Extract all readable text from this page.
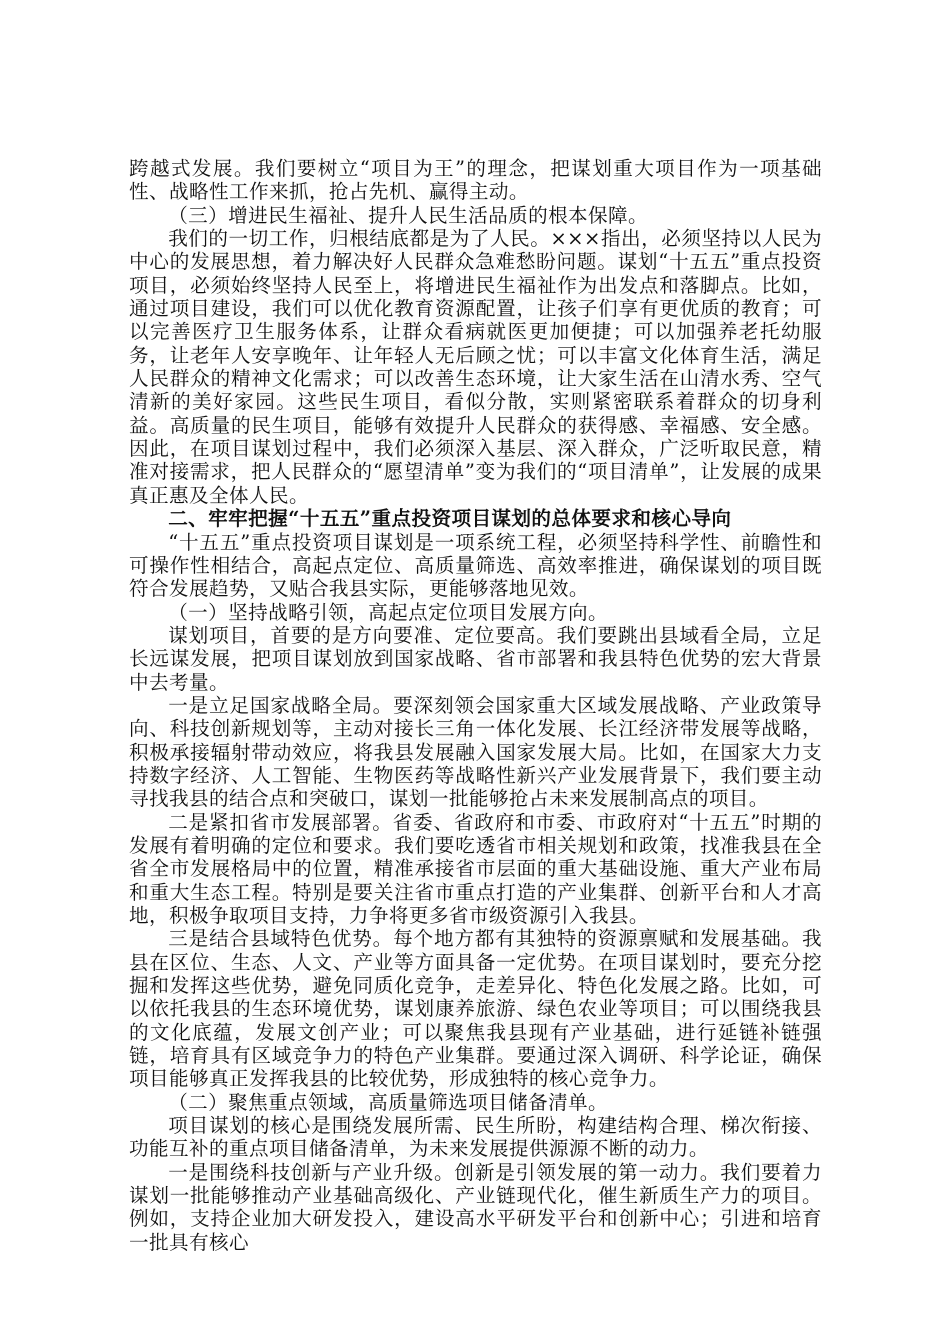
跨越式发展。我们要树立“项目为王”的理念，把谋划重大项目作为一项基础性、战略性工作来抓，抢占先机、赢得主动。

（三）增进民生福祉、提升人民生活品质的根本保障。

我们的一切工作，归根结底都是为了人民。×××指出，必须坚持以人民为中心的发展思想，着力解决好人民群众急难愁盼问题。谋划“十五五”重点投资项目，必须始终坚持人民至上，将增进民生福祉作为出发点和落脚点。比如，通过项目建设，我们可以优化教育资源配置，让孩子们享有更优质的教育；可以完善医疗卫生服务体系，让群众看病就医更加便捷；可以加强养老托幼服务，让老年人安享晚年、让年轻人无后顾之忧；可以丰富文化体育生活，满足人民群众的精神文化需求；可以改善生态环境，让大家生活在山清水秀、空气清新的美好家园。这些民生项目，看似分散，实则紧密联系着群众的切身利益。高质量的民生项目，能够有效提升人民群众的获得感、幸福感、安全感。因此，在项目谋划过程中，我们必须深入基层、深入群众，广泛听取民意，精准对接需求，把人民群众的“愿望清单”变为我们的“项目清单”，让发展的成果真正惠及全体人民。

二、牢牢把握“十五五”重点投资项目谋划的总体要求和核心导向

“十五五”重点投资项目谋划是一项系统工程，必须坚持科学性、前瞻性和可操作性相结合，高起点定位、高质量筛选、高效率推进，确保谋划的项目既符合发展趋势，又贴合我县实际，更能够落地见效。

（一）坚持战略引领，高起点定位项目发展方向。

谋划项目，首要的是方向要准、定位要高。我们要跳出县域看全局，立足长远谋发展，把项目谋划放到国家战略、省市部署和我县特色优势的宏大背景中去考量。

一是立足国家战略全局。要深刻领会国家重大区域发展战略、产业政策导向、科技创新规划等，主动对接长三角一体化发展、长江经济带发展等战略，积极承接辐射带动效应，将我县发展融入国家发展大局。比如，在国家大力支持数字经济、人工智能、生物医药等战略性新兴产业发展背景下，我们要主动寻找我县的结合点和突破口，谋划一批能够抢占未来发展制高点的项目。

二是紧扣省市发展部署。省委、省政府和市委、市政府对“十五五”时期的发展有着明确的定位和要求。我们要吃透省市相关规划和政策，找准我县在全省全市发展格局中的位置，精准承接省市层面的重大基础设施、重大产业布局和重大生态工程。特别是要关注省市重点打造的产业集群、创新平台和人才高地，积极争取项目支持，力争将更多省市级资源引入我县。

三是结合县域特色优势。每个地方都有其独特的资源禀赋和发展基础。我县在区位、生态、人文、产业等方面具备一定优势。在项目谋划时，要充分挖掘和发挥这些优势，避免同质化竞争，走差异化、特色化发展之路。比如，可以依托我县的生态环境优势，谋划康养旅游、绿色农业等项目；可以围绕我县的文化底蕴，发展文创产业；可以聚焦我县现有产业基础，进行延链补链强链，培育具有区域竞争力的特色产业集群。要通过深入调研、科学论证，确保项目能够真正发挥我县的比较优势，形成独特的核心竞争力。

（二）聚焦重点领域，高质量筛选项目储备清单。

项目谋划的核心是围绕发展所需、民生所盼，构建结构合理、梯次衔接、功能互补的重点项目储备清单，为未来发展提供源源不断的动力。

一是围绕科技创新与产业升级。创新是引领发展的第一动力。我们要着力谋划一批能够推动产业基础高级化、产业链现代化，催生新质生产力的项目。例如，支持企业加大研发投入，建设高水平研发平台和创新中心；引进和培育一批具有核心
